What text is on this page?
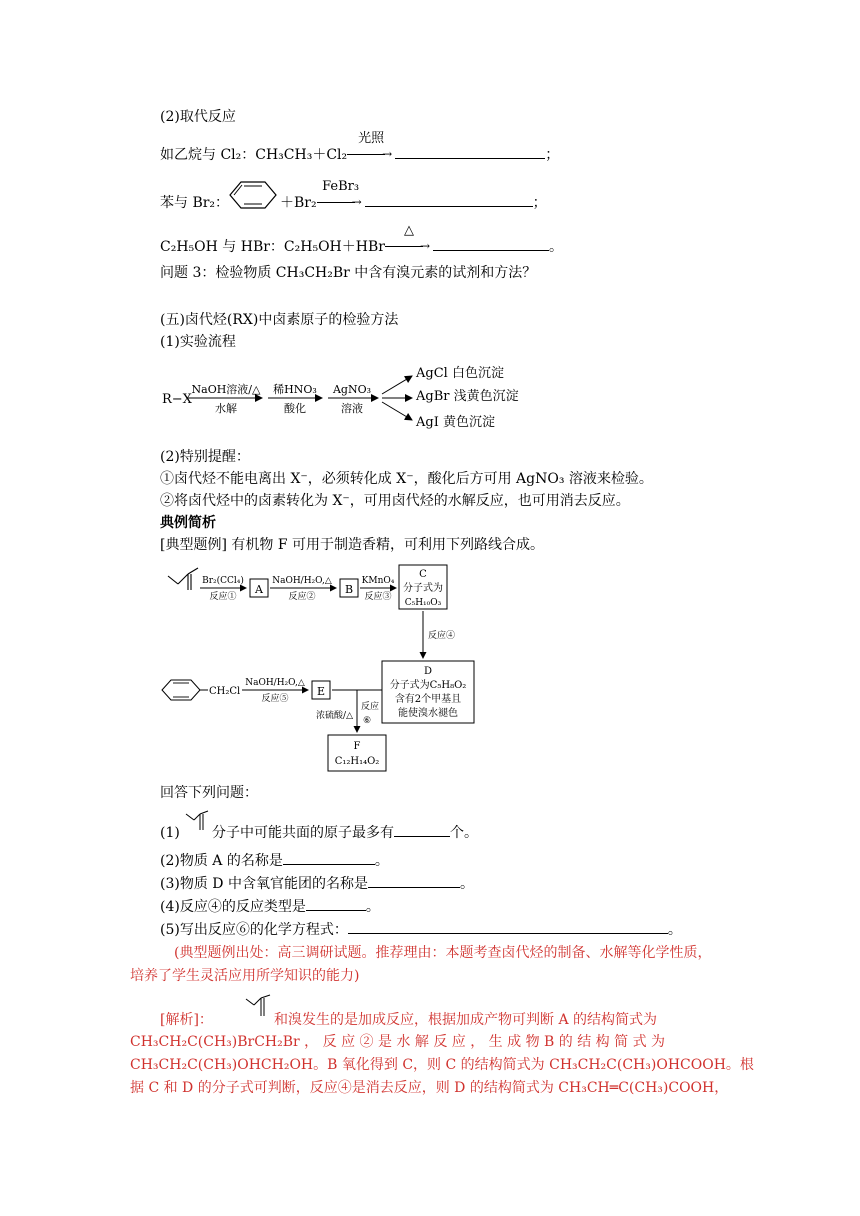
(2)取代反应
如乙烷与 Cl₂：CH₃CH₃＋Cl₂
光照
→	；
苯与 Br₂：	＋Br₂
FeBr₃
→	；
C₂H₅OH 与 HBr：C₂H₅OH＋HBr
△
→	。
问题 3：检验物质 CH₃CH₂Br 中含有溴元素的试剂和方法？
(五)卤代烃(RX)中卤素原子的检验方法
(1)实验流程
R−X
NaOH溶液/△
水解
稀HNO₃
酸化
AgNO₃
溶液
AgCl 白色沉淀
AgBr 浅黄色沉淀
AgI 黄色沉淀
(2)特别提醒：
①卤代烃不能电离出 X⁻，必须转化成 X⁻，酸化后方可用 AgNO₃ 溶液来检验。
②将卤代烃中的卤素转化为 X⁻，可用卤代烃的水解反应，也可用消去反应。
典例简析
[典型题例] 有机物 F 可用于制造香精，可利用下列路线合成。
Br₂(CCl₄)
反应①
A
NaOH/H₂O,△
反应②
B
KMnO₄
反应③
C
分子式为
C₅H₁₀O₃
反应④
D
分子式为C₅H₈O₂
含有2个甲基且
能使溴水褪色
CH₂Cl
NaOH/H₂O,△
反应⑤
E
浓硫酸/△
反应
⑥
F
C₁₂H₁₄O₂
回答下列问题：
(1) 分子中可能共面的原子最多有	个。
(2)物质 A 的名称是	。
(3)物质 D 中含氧官能团的名称是	。
(4)反应④的反应类型是	。
(5)写出反应⑥的化学方程式：	。
(典型题例出处：高三调研试题。推荐理由：本题考查卤代烃的制备、水解等化学性质，
培养了学生灵活应用所学知识的能力)
[解析]：	和溴发生的是加成反应，根据加成产物可判断 A 的结构简式为
CH₃CH₂C(CH₃)BrCH₂Br ， 反 应 ② 是 水 解 反 应 ， 生 成 物 B 的 结 构 简 式 为
CH₃CH₂C(CH₃)OHCH₂OH。B 氧化得到 C，则 C 的结构简式为 CH₃CH₂C(CH₃)OHCOOH。根
据 C 和 D 的分子式可判断，反应④是消去反应，则 D 的结构简式为 CH₃CH═C(CH₃)COOH，
